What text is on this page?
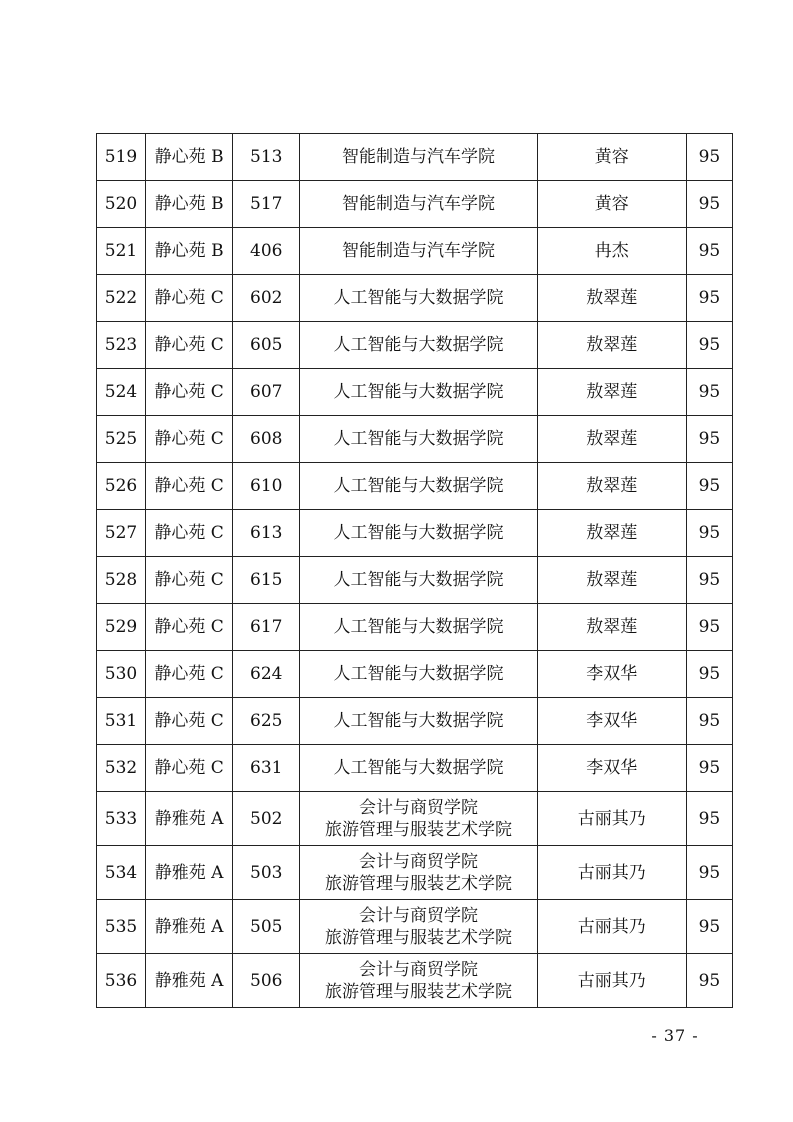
519	静心苑 B	513	智能制造与汽车学院	黄容	95
520	静心苑 B	517	智能制造与汽车学院	黄容	95
521	静心苑 B	406	智能制造与汽车学院	冉杰	95
522	静心苑 C	602	人工智能与大数据学院	敖翠莲	95
523	静心苑 C	605	人工智能与大数据学院	敖翠莲	95
524	静心苑 C	607	人工智能与大数据学院	敖翠莲	95
525	静心苑 C	608	人工智能与大数据学院	敖翠莲	95
526	静心苑 C	610	人工智能与大数据学院	敖翠莲	95
527	静心苑 C	613	人工智能与大数据学院	敖翠莲	95
528	静心苑 C	615	人工智能与大数据学院	敖翠莲	95
529	静心苑 C	617	人工智能与大数据学院	敖翠莲	95
530	静心苑 C	624	人工智能与大数据学院	李双华	95
531	静心苑 C	625	人工智能与大数据学院	李双华	95
532	静心苑 C	631	人工智能与大数据学院	李双华	95
533	静雅苑 A	502	会计与商贸学院
旅游管理与服装艺术学院	古丽其乃	95
534	静雅苑 A	503	会计与商贸学院
旅游管理与服装艺术学院	古丽其乃	95
535	静雅苑 A	505	会计与商贸学院
旅游管理与服装艺术学院	古丽其乃	95
536	静雅苑 A	506	会计与商贸学院
旅游管理与服装艺术学院	古丽其乃	95
- 37 -
